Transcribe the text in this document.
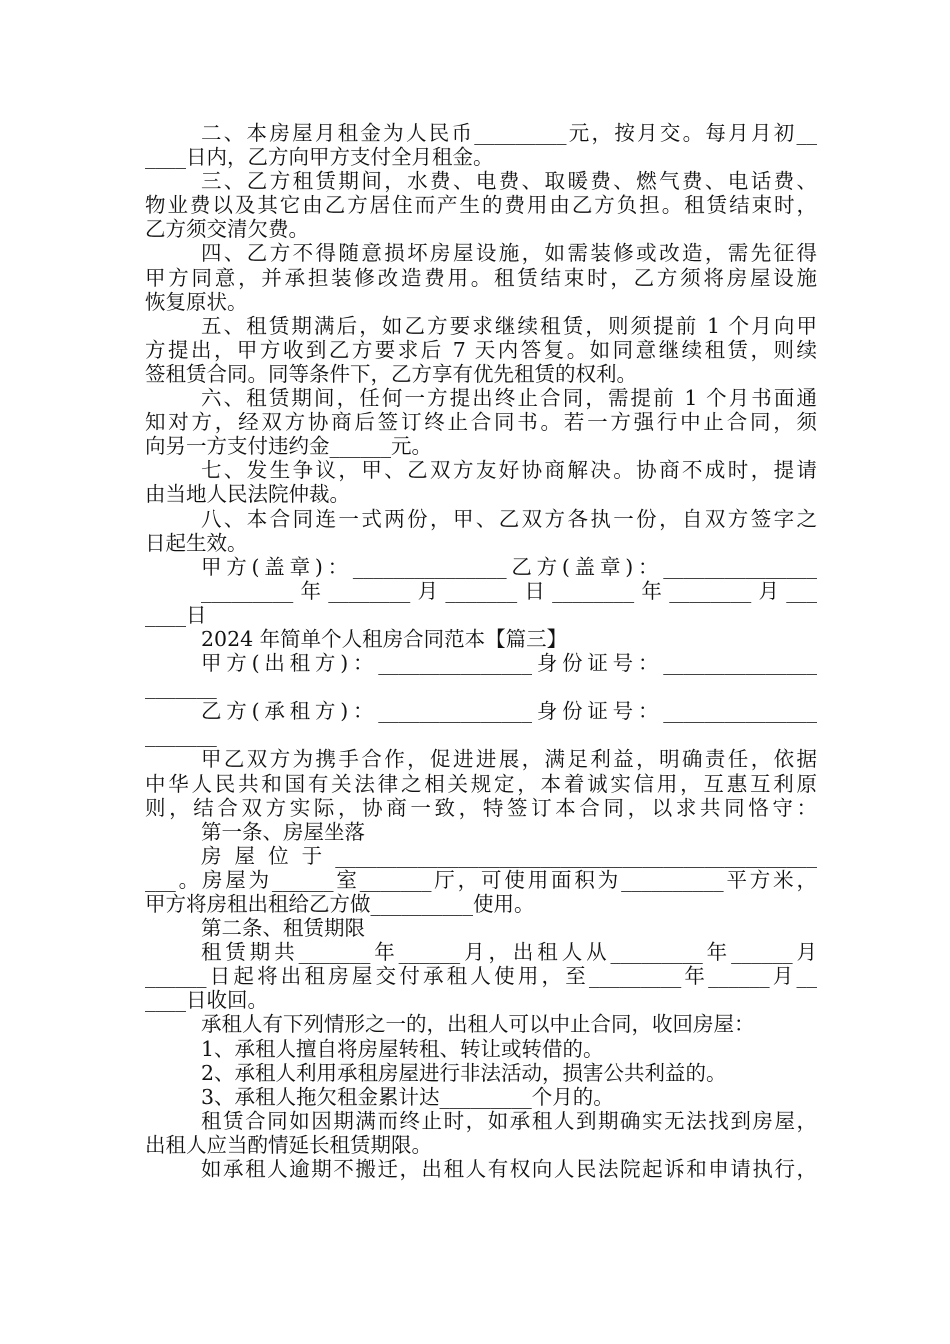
二、本房屋月租金为人民币_________元，按月交。每月月初__
____日内，乙方向甲方支付全月租金。
三、乙方租赁期间，水费、电费、取暖费、燃气费、电话费、
物业费以及其它由乙方居住而产生的费用由乙方负担。租赁结束时，
乙方须交清欠费。
四、乙方不得随意损坏房屋设施，如需装修或改造，需先征得
甲方同意，并承担装修改造费用。租赁结束时，乙方须将房屋设施
恢复原状。
五、租赁期满后，如乙方要求继续租赁，则须提前 1 个月向甲
方提出，甲方收到乙方要求后 7 天内答复。如同意继续租赁，则续
签租赁合同。同等条件下，乙方享有优先租赁的权利。
六、租赁期间，任何一方提出终止合同，需提前 1 个月书面通
知对方，经双方协商后签订终止合同书。若一方强行中止合同，须
向另一方支付违约金______元。
七、发生争议，甲、乙双方友好协商解决。协商不成时，提请
由当地人民法院仲裁。
八、本合同连一式两份，甲、乙双方各执一份，自双方签字之
日起生效。
甲方(盖章)：_______________乙方(盖章)：_______________
_________年________月_______日________年________月___
____日
2024 年简单个人租房合同范本【篇三】
甲方(出租方)：_______________身份证号：_______________
_______
乙方(承租方)：_______________身份证号：_______________
_______
甲乙双方为携手合作，促进进展，满足利益，明确责任，依据
中华人民共和国有关法律之相关规定，本着诚实信用，互惠互利原
则，结合双方实际，协商一致，特签订本合同，以求共同恪守：
第一条、房屋坐落
房屋位于_______________________________________________
___。房屋为______室_______厅，可使用面积为__________平方米，
甲方将房租出租给乙方做__________使用。
第二条、租赁期限
租赁期共_______年______月，出租人从_________年______月
______日起将出租房屋交付承租人使用，至_________年______月__
____日收回。
承租人有下列情形之一的，出租人可以中止合同，收回房屋：
1、承租人擅自将房屋转租、转让或转借的。
2、承租人利用承租房屋进行非法活动，损害公共利益的。
3、承租人拖欠租金累计达_________个月的。
租赁合同如因期满而终止时，如承租人到期确实无法找到房屋，
出租人应当酌情延长租赁期限。
如承租人逾期不搬迁，出租人有权向人民法院起诉和申请执行，
